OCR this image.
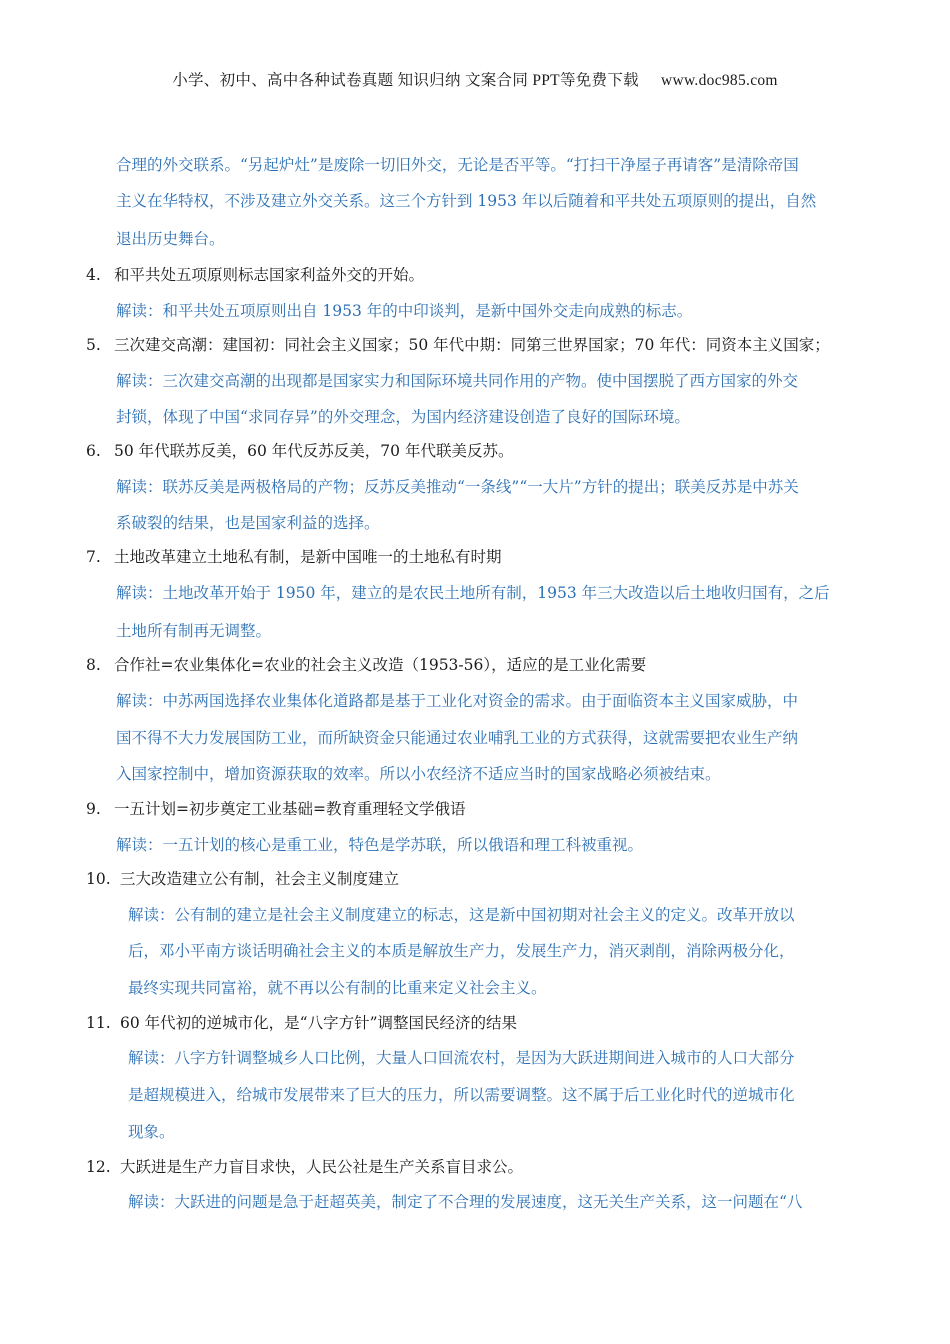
小学、初中、高中各种试卷真题 知识归纳 文案合同 PPT等免费下载 www.doc985.com
合理的外交联系。“另起炉灶”是废除一切旧外交，无论是否平等。“打扫干净屋子再请客”是清除帝国
主义在华特权，不涉及建立外交关系。这三个方针到 1953 年以后随着和平共处五项原则的提出，自然
退出历史舞台。
4. 和平共处五项原则标志国家利益外交的开始。
解读：和平共处五项原则出自 1953 年的中印谈判，是新中国外交走向成熟的标志。
5. 三次建交高潮：建国初：同社会主义国家；50 年代中期：同第三世界国家；70 年代：同资本主义国家；
解读：三次建交高潮的出现都是国家实力和国际环境共同作用的产物。使中国摆脱了西方国家的外交
封锁，体现了中国“求同存异”的外交理念，为国内经济建设创造了良好的国际环境。
6. 50 年代联苏反美，60 年代反苏反美，70 年代联美反苏。
解读：联苏反美是两极格局的产物；反苏反美推动“一条线”“一大片”方针的提出；联美反苏是中苏关
系破裂的结果，也是国家利益的选择。
7. 土地改革建立土地私有制，是新中国唯一的土地私有时期
解读：土地改革开始于 1950 年，建立的是农民土地所有制，1953 年三大改造以后土地收归国有，之后
土地所有制再无调整。
8. 合作社=农业集体化=农业的社会主义改造（1953-56），适应的是工业化需要
解读：中苏两国选择农业集体化道路都是基于工业化对资金的需求。由于面临资本主义国家威胁，中
国不得不大力发展国防工业，而所缺资金只能通过农业哺乳工业的方式获得，这就需要把农业生产纳
入国家控制中，增加资源获取的效率。所以小农经济不适应当时的国家战略必须被结束。
9. 一五计划=初步奠定工业基础=教育重理轻文学俄语
解读：一五计划的核心是重工业，特色是学苏联，所以俄语和理工科被重视。
10. 三大改造建立公有制，社会主义制度建立
解读：公有制的建立是社会主义制度建立的标志，这是新中国初期对社会主义的定义。改革开放以
后，邓小平南方谈话明确社会主义的本质是解放生产力，发展生产力，消灭剥削，消除两极分化，
最终实现共同富裕，就不再以公有制的比重来定义社会主义。
11. 60 年代初的逆城市化，是“八字方针”调整国民经济的结果
解读：八字方针调整城乡人口比例，大量人口回流农村，是因为大跃进期间进入城市的人口大部分
是超规模进入，给城市发展带来了巨大的压力，所以需要调整。这不属于后工业化时代的逆城市化
现象。
12. 大跃进是生产力盲目求快，人民公社是生产关系盲目求公。
解读：大跃进的问题是急于赶超英美，制定了不合理的发展速度，这无关生产关系，这一问题在“八
